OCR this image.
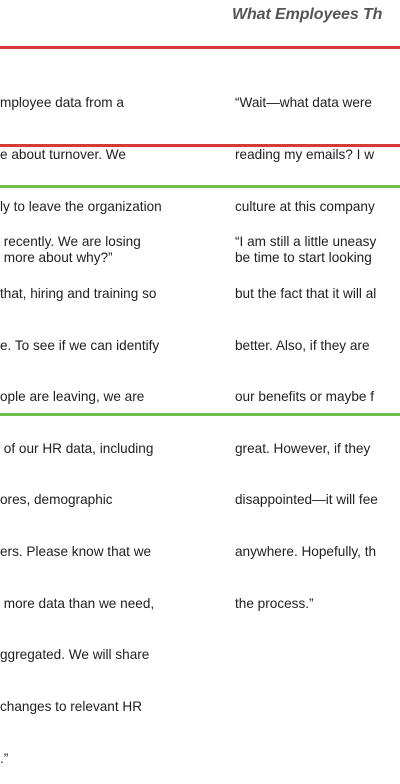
What Employees Th

mployee data from a

e about turnover. We

ly to leave the organization

more about why?”

“Wait—what data were

reading my emails? I w

culture at this company

be time to start looking

recently. We are losing

that, hiring and training so

e. To see if we can identify

ople are leaving, we are

of our HR data, including

ores, demographic

ers. Please know that we

more data than we need,

ggregated. We will share

changes to relevant HR

.”

“I am still a little uneasy

but the fact that it will al

better. Also, if they are

our benefits or maybe f

great. However, if they

disappointed—it will fee

anywhere. Hopefully, th

the process.”
